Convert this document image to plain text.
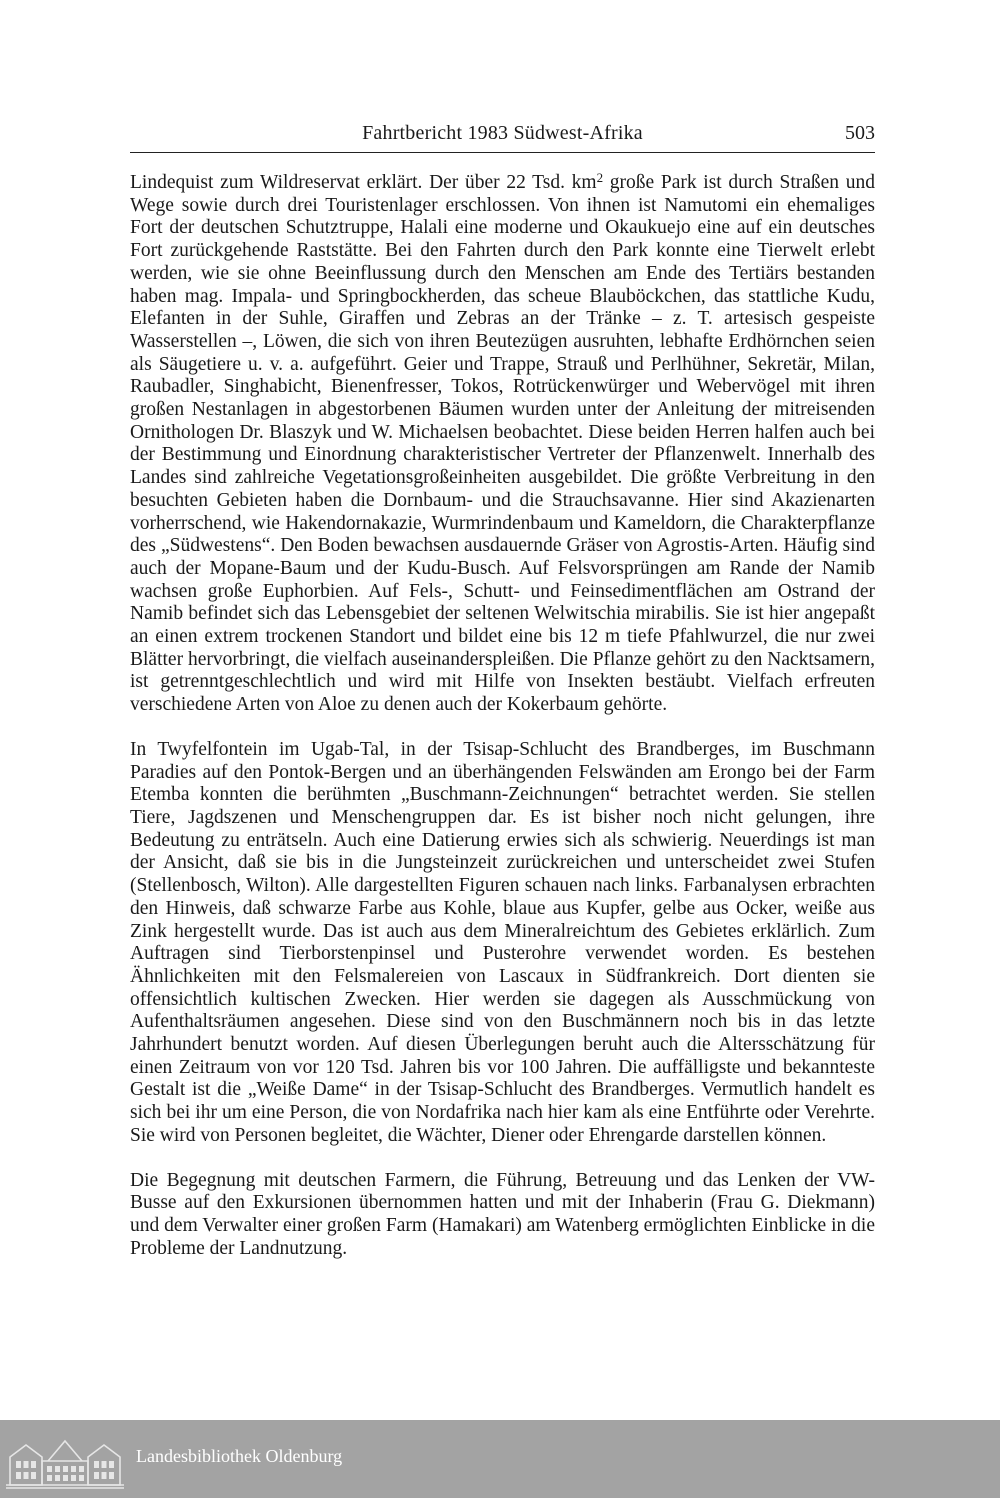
Fahrtbericht 1983 Südwest-Afrika	503

Lindequist zum Wildreservat erklärt. Der über 22 Tsd. $km^2$ große Park ist durch Straßen und Wege sowie durch drei Touristenlager erschlossen. Von ihnen ist Namutomi ein ehemaliges Fort der deutschen Schutztruppe, Halali eine moderne und Okaukuejo eine auf ein deutsches Fort zurückgehende Raststätte. Bei den Fahrten durch den Park konnte eine Tierwelt erlebt werden, wie sie ohne Beeinflussung durch den Menschen am Ende des Tertiärs bestanden haben mag. Impala- und Springbockherden, das scheue Blauböckchen, das stattliche Kudu, Elefanten in der Suhle, Giraffen und Zebras an der Tränke – z. T. artesisch gespeiste Wasserstellen –, Löwen, die sich von ihren Beutezügen ausruhten, lebhafte Erdhörnchen seien als Säugetiere u. v. a. aufgeführt. Geier und Trappe, Strauß und Perlhühner, Sekretär, Milan, Raubadler, Singhabicht, Bienenfresser, Tokos, Rotrückenwürger und Webervögel mit ihren großen Nestanlagen in abgestorbenen Bäumen wurden unter der Anleitung der mitreisenden Ornithologen Dr. Blaszyk und W. Michaelsen beobachtet. Diese beiden Herren halfen auch bei der Bestimmung und Einordnung charakteristischer Vertreter der Pflanzenwelt. Innerhalb des Landes sind zahlreiche Vegetationsgroßeinheiten ausgebildet. Die größte Verbreitung in den besuchten Gebieten haben die Dornbaum- und die Strauchsavanne. Hier sind Akazienarten vorherrschend, wie Hakendornakazie, Wurmrindenbaum und Kameldorn, die Charakterpflanze des „Südwestens“. Den Boden bewachsen ausdauernde Gräser von Agrostis-Arten. Häufig sind auch der Mopane-Baum und der Kudu-Busch. Auf Felsvorsprüngen am Rande der Namib wachsen große Euphorbien. Auf Fels-, Schutt- und Feinsedimentflächen am Ostrand der Namib befindet sich das Lebensgebiet der seltenen Welwitschia mirabilis. Sie ist hier angepaßt an einen extrem trockenen Standort und bildet eine bis 12 m tiefe Pfahlwurzel, die nur zwei Blätter hervorbringt, die vielfach auseinanderspleißen. Die Pflanze gehört zu den Nacktsamern, ist getrenntgeschlechtlich und wird mit Hilfe von Insekten bestäubt. Vielfach erfreuten verschiedene Arten von Aloe zu denen auch der Kokerbaum gehörte.

In Twyfelfontein im Ugab-Tal, in der Tsisap-Schlucht des Brandberges, im Buschmann Paradies auf den Pontok-Bergen und an überhängenden Felswänden am Erongo bei der Farm Etemba konnten die berühmten „Buschmann-Zeichnungen“ betrachtet werden. Sie stellen Tiere, Jagdszenen und Menschengruppen dar. Es ist bisher noch nicht gelungen, ihre Bedeutung zu enträtseln. Auch eine Datierung erwies sich als schwierig. Neuerdings ist man der Ansicht, daß sie bis in die Jungsteinzeit zurückreichen und unterscheidet zwei Stufen (Stellenbosch, Wilton). Alle dargestellten Figuren schauen nach links. Farbanalysen erbrachten den Hinweis, daß schwarze Farbe aus Kohle, blaue aus Kupfer, gelbe aus Ocker, weiße aus Zink hergestellt wurde. Das ist auch aus dem Mineralreichtum des Gebietes erklärlich. Zum Auftragen sind Tierborstenpinsel und Pusterohre verwendet worden. Es bestehen Ähnlichkeiten mit den Felsmalereien von Lascaux in Südfrankreich. Dort dienten sie offensichtlich kultischen Zwecken. Hier werden sie dagegen als Ausschmückung von Aufenthaltsräumen angesehen. Diese sind von den Buschmännern noch bis in das letzte Jahrhundert benutzt worden. Auf diesen Überlegungen beruht auch die Altersschätzung für einen Zeitraum von vor 120 Tsd. Jahren bis vor 100 Jahren. Die auffälligste und bekannteste Gestalt ist die „Weiße Dame“ in der Tsisap-Schlucht des Brandberges. Vermutlich handelt es sich bei ihr um eine Person, die von Nordafrika nach hier kam als eine Entführte oder Verehrte. Sie wird von Personen begleitet, die Wächter, Diener oder Ehrengarde darstellen können.

Die Begegnung mit deutschen Farmern, die Führung, Betreuung und das Lenken der VW-Busse auf den Exkursionen übernommen hatten und mit der Inhaberin (Frau G. Diekmann) und dem Verwalter einer großen Farm (Hamakari) am Watenberg ermöglichten Einblicke in die Probleme der Landnutzung.

Landesbibliothek Oldenburg
